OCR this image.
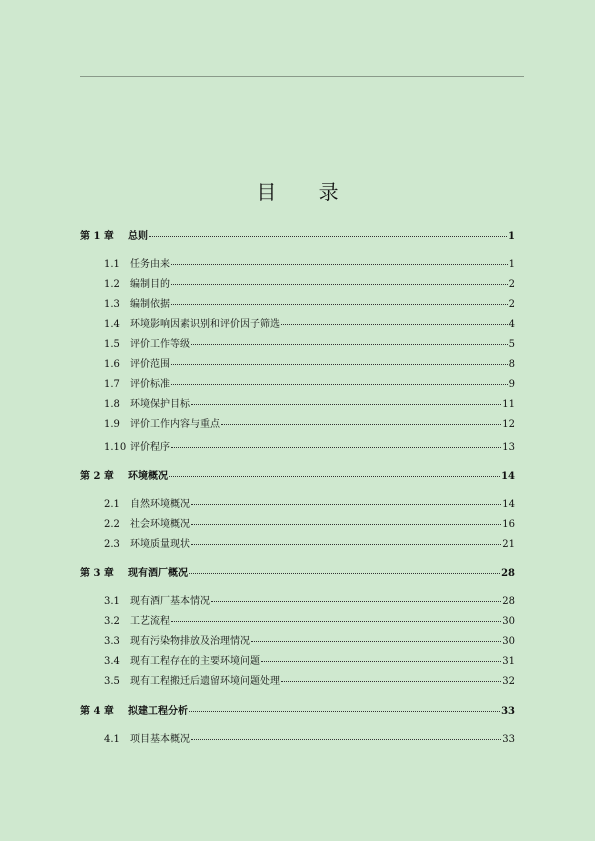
目 录
第 1 章	总则	1
1.1	任务由来	1
1.2	编制目的	2
1.3	编制依据	2
1.4	环境影响因素识别和评价因子筛选	4
1.5	评价工作等级	5
1.6	评价范围	8
1.7	评价标准	9
1.8	环境保护目标	11
1.9	评价工作内容与重点	12
1.10 评价程序	13
第 2 章	环境概况	14
2.1	自然环境概况	14
2.2	社会环境概况	16
2.3	环境质量现状	21
第 3 章	现有酒厂概况	28
3.1	现有酒厂基本情况	28
3.2	工艺流程	30
3.3	现有污染物排放及治理情况	30
3.4	现有工程存在的主要环境问题	31
3.5	现有工程搬迁后遗留环境问题处理	32
第 4 章	拟建工程分析	33
4.1	项目基本概况	33
